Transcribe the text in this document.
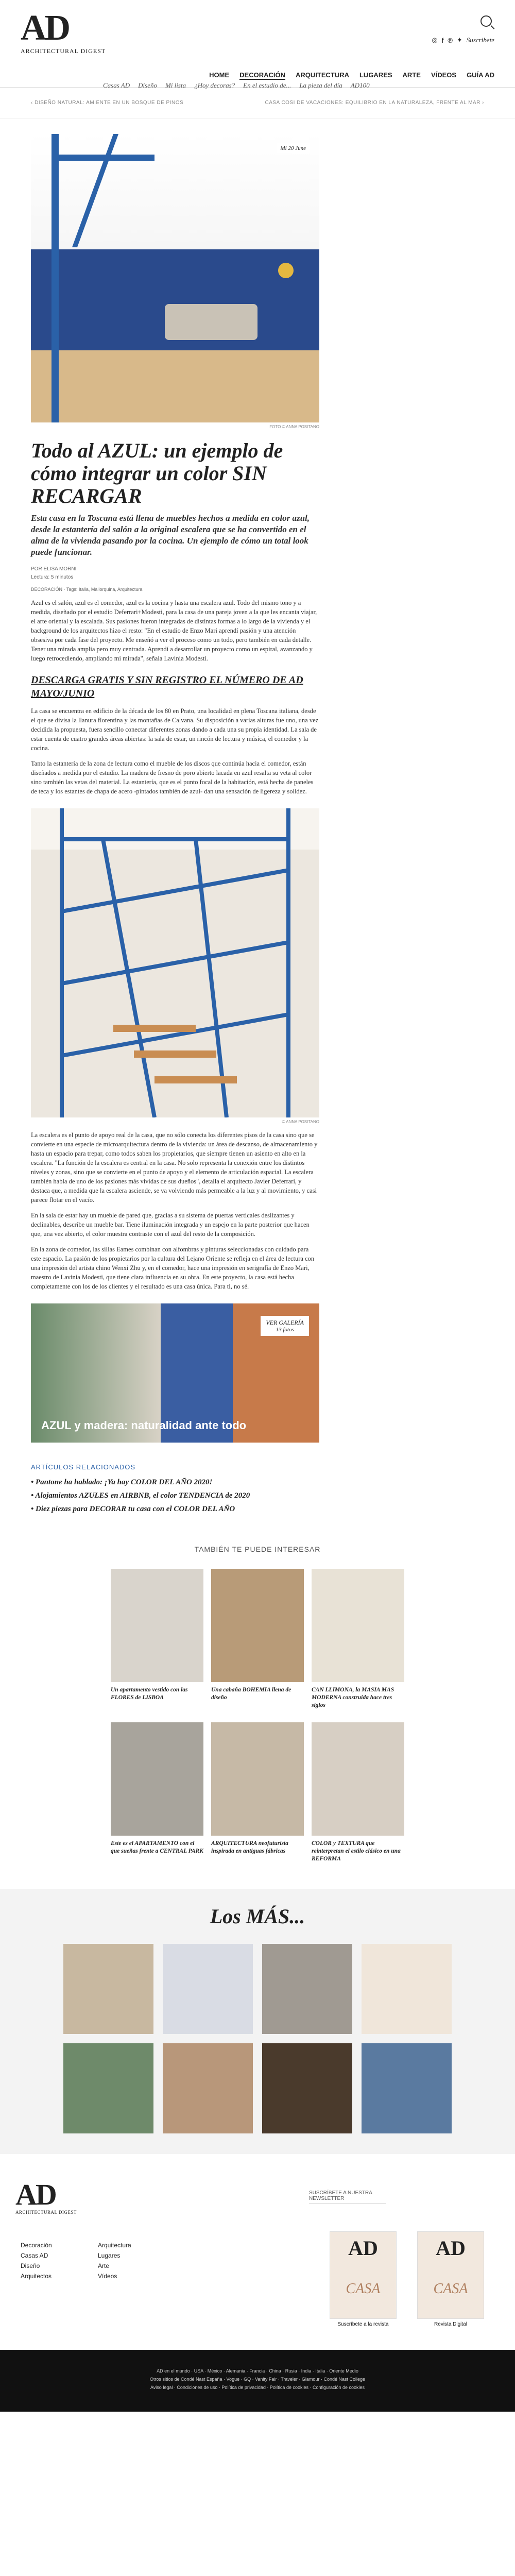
AD
ARCHITECTURAL DIGEST
◎ f ℗ ✦ Suscribete
HOME DECORACIÓN ARQUITECTURA LUGARES ARTE VÍDEOS GUÍA AD
Casas AD Diseño Mi lista ¿Hoy decoras? En el estudio de... La pieza del día AD100
‹ DISEÑO NATURAL: AMIENTE EN UN BOSQUE DE PINOS	CASA COSI DE VACACIONES: EQUILIBRIO EN LA NATURALEZA, FRENTE AL MAR ›
Mi 20 June
FOTO © ANNA POSITANO
Todo al AZUL: un ejemplo de cómo integrar un color SIN RECARGAR

Esta casa en la Toscana está llena de muebles hechos a medida en color azul, desde la estantería del salón a la original escalera que se ha convertido en el alma de la vivienda pasando por la cocina. Un ejemplo de cómo un total look puede funcionar.

POR ELISA MORNI
Lectura: 5 minutos
DECORACIÓN · Tags: Italia, Mallorquina, Arquitectura

Azul es el salón, azul es el comedor, azul es la cocina y hasta una escalera azul. Todo del mismo tono y a medida, diseñado por el estudio Deferrari+Modesti, para la casa de una pareja joven a la que les encanta viajar, el arte oriental y la escalada. Sus pasiones fueron integradas de distintas formas a lo largo de la vivienda y el background de los arquitectos hizo el resto: "En el estudio de Enzo Mari aprendí pasión y una atención obsesiva por cada fase del proyecto. Me enseñó a ver el proceso como un todo, pero también en cada detalle. Tener una mirada amplia pero muy centrada. Aprendí a desarrollar un proyecto como un espiral, avanzando y luego retrocediendo, ampliando mi mirada", señala Lavinia Modesti.

DESCARGA GRATIS Y SIN REGISTRO EL NÚMERO DE AD MAYO/JUNIO

La casa se encuentra en edificio de la década de los 80 en Prato, una localidad en plena Toscana italiana, desde el que se divisa la llanura florentina y las montañas de Calvana. Su disposición a varias alturas fue uno, una vez decidida la propuesta, fuera sencillo conectar diferentes zonas dando a cada una su propia identidad. La sala de estar cuenta de cuatro grandes áreas abiertas: la sala de estar, un rincón de lectura y música, el comedor y la cocina.

Tanto la estantería de la zona de lectura como el mueble de los discos que continúa hacia el comedor, están diseñados a medida por el estudio. La madera de fresno de poro abierto lacada en azul resalta su veta al color sino también las vetas del material. La estantería, que es el punto focal de la habitación, está hecha de paneles de teca y los estantes de chapa de acero -pintados también de azul- dan una sensación de ligereza y solidez.

© ANNA POSITANO

La escalera es el punto de apoyo real de la casa, que no sólo conecta los diferentes pisos de la casa sino que se convierte en una especie de microarquitectura dentro de la vivienda: un área de descanso, de almacenamiento y hasta un espacio para trepar, como todos saben los propietarios, que siempre tienen un asiento en alto en la escalera. "La función de la escalera es central en la casa. No solo representa la conexión entre los distintos niveles y zonas, sino que se convierte en el punto de apoyo y el elemento de articulación espacial. La escalera también habla de uno de los pasiones más vividas de sus dueños", detalla el arquitecto Javier Deferrari, y destaca que, a medida que la escalera asciende, se va volviendo más permeable a la luz y al movimiento, y casi parece flotar en el vacío.

En la sala de estar hay un mueble de pared que, gracias a su sistema de puertas verticales deslizantes y declinables, describe un mueble bar. Tiene iluminación integrada y un espejo en la parte posterior que hacen que, una vez abierto, el color muestra contraste con el azul del resto de la composición.

En la zona de comedor, las sillas Eames combinan con alfombras y pinturas seleccionadas con cuidado para este espacio. La pasión de los propietarios por la cultura del Lejano Oriente se refleja en el área de lectura con una impresión del artista chino Wenxi Zhu y, en el comedor, hace una impresión en serigrafía de Enzo Mari, maestro de Lavinia Modesti, que tiene clara influencia en su obra. En este proyecto, la casa está hecha completamente con los de los clientes y el resultado es una casa única. Para ti, no sé.

VER GALERÍA
13 fotos
AZUL y madera: naturalidad ante todo
ARTÍCULOS RELACIONADOS
• Pantone ha hablado: ¡Ya hay COLOR DEL AÑO 2020!
• Alojamientos AZULES en AIRBNB, el color TENDENCIA de 2020
• Diez piezas para DECORAR tu casa con el COLOR DEL AÑO
TAMBIÉN TE PUEDE INTERESAR
Un apartamento vestido con las FLORES de LISBOA
Una cabaña BOHEMIA llena de diseño
CAN LLIMONA, la MASIA MAS MODERNA construida hace tres siglos
Este es el APARTAMENTO con el que sueñas frente a CENTRAL PARK
ARQUITECTURA neofuturista inspirada en antiguas fábricas
COLOR y TEXTURA que reinterpretan el estilo clásico en una REFORMA
Los MÁS...
AD
ARCHITECTURAL DIGEST
Decoración	Arquitectura
Casas AD	Lugares
Diseño	Arte
Arquitectos	Vídeos
SUSCRÍBETE A NUESTRA NEWSLETTER
AD
CASA
AD
CASA
Suscríbete a la revista	Revista Digital
AD en el mundo · USA · México · Alemania · Francia · China · Rusia · India · Italia · Oriente Medio
Otros sitios de Condé Nast España · Vogue · GQ · Vanity Fair · Traveler · Glamour · Condé Nast College
Aviso legal · Condiciones de uso · Política de privacidad · Política de cookies · Configuración de cookies
